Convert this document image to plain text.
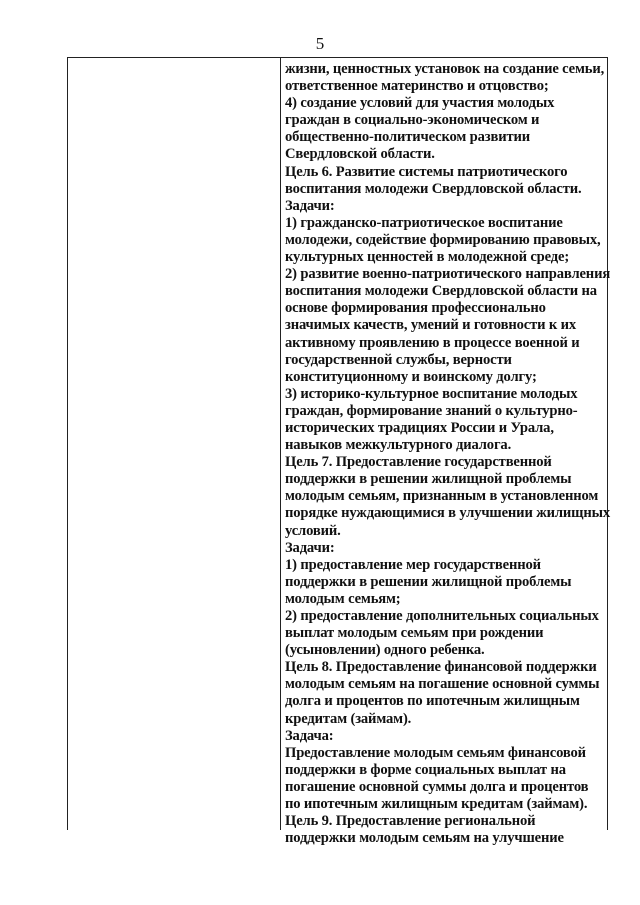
5
жизни, ценностных установок на создание семьи,
ответственное материнство и отцовство;
4) создание условий для участия молодых
граждан в социально-экономическом и
общественно-политическом развитии
Свердловской области.
Цель 6. Развитие системы патриотического
воспитания молодежи Свердловской области.
Задачи:
1) гражданско-патриотическое воспитание
молодежи, содействие формированию правовых,
культурных ценностей в молодежной среде;
2) развитие военно-патриотического направления
воспитания молодежи Свердловской области на
основе формирования профессионально
значимых качеств, умений и готовности к их
активному проявлению в процессе военной и
государственной службы, верности
конституционному и воинскому долгу;
3) историко-культурное воспитание молодых
граждан, формирование знаний о культурно-
исторических традициях России и Урала,
навыков межкультурного диалога.
Цель 7. Предоставление государственной
поддержки в решении жилищной проблемы
молодым семьям, признанным в установленном
порядке нуждающимися в улучшении жилищных
условий.
Задачи:
1) предоставление мер государственной
поддержки в решении жилищной проблемы
молодым семьям;
2) предоставление дополнительных социальных
выплат молодым семьям при рождении
(усыновлении) одного ребенка.
Цель 8. Предоставление финансовой поддержки
молодым семьям на погашение основной суммы
долга и процентов по ипотечным жилищным
кредитам (займам).
Задача:
Предоставление молодым семьям финансовой
поддержки в форме социальных выплат на
погашение основной суммы долга и процентов
по ипотечным жилищным кредитам (займам).
Цель 9. Предоставление региональной
поддержки молодым семьям на улучшение
